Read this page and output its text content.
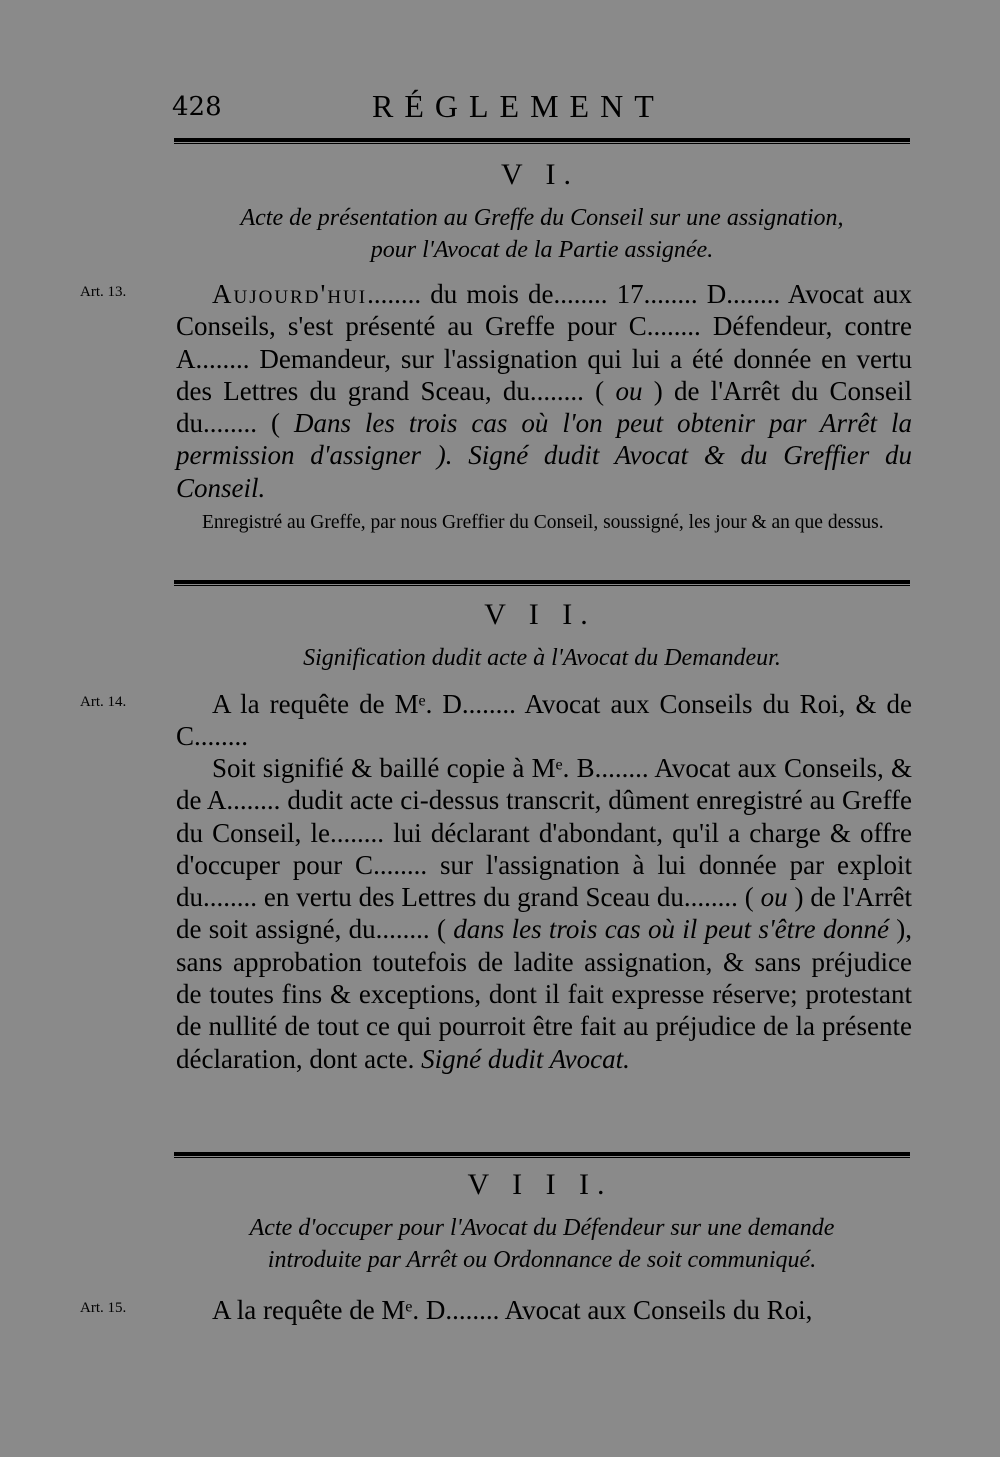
428	RÉGLEMENT
V I.
Acte de présentation au Greffe du Conseil sur une assignation,
pour l'Avocat de la Partie assignée.
Art. 13.	Aujourd'hui........ du mois de........ 17........ D........ Avocat aux Conseils, s'est présenté au Greffe pour C........ Défendeur, contre A........ Demandeur, sur l'assignation qui lui a été donnée en vertu des Lettres du grand Sceau, du........ ( ou ) de l'Arrêt du Conseil du........ ( Dans les trois cas où l'on peut obtenir par Arrêt la permission d'assigner ). Signé dudit Avocat & du Greffier du Conseil.
Enregistré au Greffe, par nous Greffier du Conseil, soussigné, les jour & an que dessus.
V I I.
Signification dudit acte à l'Avocat du Demandeur.
Art. 14.	A la requête de Mᵉ. D........ Avocat aux Conseils du Roi, & de C........
Soit signifié & baillé copie à Mᵉ. B........ Avocat aux Conseils, & de A........ dudit acte ci-dessus transcrit, dûment enregistré au Greffe du Conseil, le........ lui déclarant d'abondant, qu'il a charge & offre d'occuper pour C........ sur l'assignation à lui donnée par exploit du........ en vertu des Lettres du grand Sceau du........ ( ou ) de l'Arrêt de soit assigné, du........ ( dans les trois cas où il peut s'être donné ), sans approbation toutefois de ladite assignation, & sans préjudice de toutes fins & exceptions, dont il fait expresse réserve; protestant de nullité de tout ce qui pourroit être fait au préjudice de la présente déclaration, dont acte. Signé dudit Avocat.
V I I I.
Acte d'occuper pour l'Avocat du Défendeur sur une demande
introduite par Arrêt ou Ordonnance de soit communiqué.
Art. 15.	A la requête de Mᵉ. D........ Avocat aux Conseils du Roi,
